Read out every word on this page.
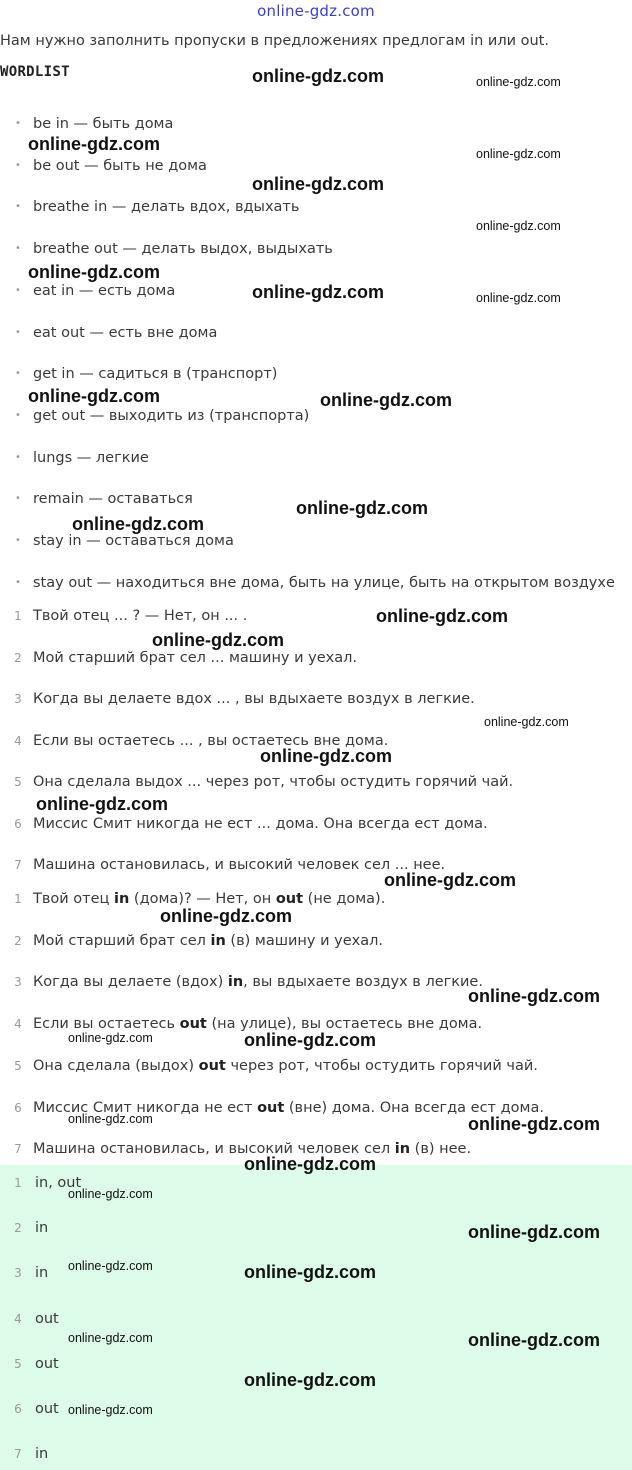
online-gdz.com
Нам нужно заполнить пропуски в предложениях предлогам in или out.
WORDLIST
• be in — быть дома
• be out — быть не дома
• breathe in — делать вдох, вдыхать
• breathe out — делать выдох, выдыхать
• eat in — есть дома
• eat out — есть вне дома
• get in — садиться в (транспорт)
• get out — выходить из (транспорта)
• lungs — легкие
• remain — оставаться
• stay in — оставаться дома
• stay out — находиться вне дома, быть на улице, быть на открытом воздухе
1 Твой отец ... ? — Нет, он ... .
2 Мой старший брат сел ... машину и уехал.
3 Когда вы делаете вдох ... , вы вдыхаете воздух в легкие.
4 Если вы остаетесь ... , вы остаетесь вне дома.
5 Она сделала выдох ... через рот, чтобы остудить горячий чай.
6 Миссис Смит никогда не ест ... дома. Она всегда ест дома.
7 Машина остановилась, и высокий человек сел ... нее.
1 Твой отец in (дома)? — Нет, он out (не дома).
2 Мой старший брат сел in (в) машину и уехал.
3 Когда вы делаете (вдох) in, вы вдыхаете воздух в легкие.
4 Если вы остаетесь out (на улице), вы остаетесь вне дома.
5 Она сделала (выдох) out через рот, чтобы остудить горячий чай.
6 Миссис Смит никогда не ест out (вне) дома. Она всегда ест дома.
7 Машина остановилась, и высокий человек сел in (в) нее.
1 in, out
2 in
3 in
4 out
5 out
6 out
7 in
online-gdz.com	online-gdz.com
online-gdz.com	online-gdz.com
online-gdz.com
online-gdz.com
online-gdz.com
online-gdz.com	online-gdz.com
online-gdz.com	online-gdz.com
online-gdz.com
online-gdz.com
online-gdz.com
online-gdz.com
online-gdz.com
online-gdz.com
online-gdz.com
online-gdz.com
online-gdz.com
online-gdz.com
online-gdz.com	online-gdz.com
online-gdz.com	online-gdz.com
online-gdz.com
online-gdz.com
online-gdz.com
online-gdz.com	online-gdz.com
online-gdz.com	online-gdz.com
online-gdz.com
online-gdz.com
